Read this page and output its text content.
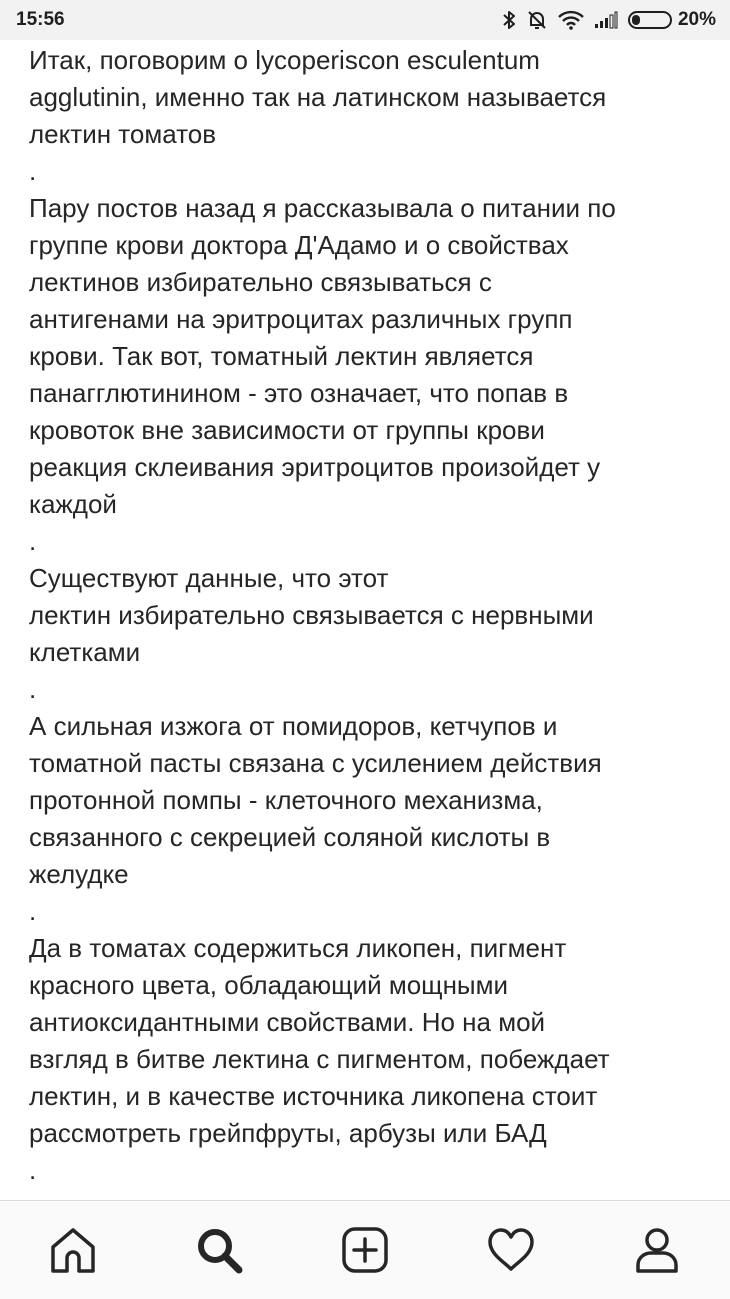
15:56	20%

Итак, поговорим о lycoperiscon esculentum
agglutinin, именно так на латинском называется
лектин томатов

.

Пару постов назад я рассказывала о питании по
группе крови доктора Д'Адамо и о свойствах
лектинов избирательно связываться с
антигенами на эритроцитах различных групп
крови. Так вот, томатный лектин является
панагглютинином - это означает, что попав в
кровоток вне зависимости от группы крови
реакция склеивания эритроцитов произойдет у
каждой

.

Существуют данные, что этот
лектин избирательно связывается с нервными
клетками

.

А сильная изжога от помидоров, кетчупов и
томатной пасты связана с усилением действия
протонной помпы - клеточного механизма,
связанного с секрецией соляной кислоты в
желудке

.

Да в томатах содержиться ликопен, пигмент
красного цвета, обладающий мощными
антиоксидантными свойствами. Но на мой
взгляд в битве лектина с пигментом, побеждает
лектин, и в качестве источника ликопена стоит
рассмотреть грейпфруты, арбузы или БАД

.
